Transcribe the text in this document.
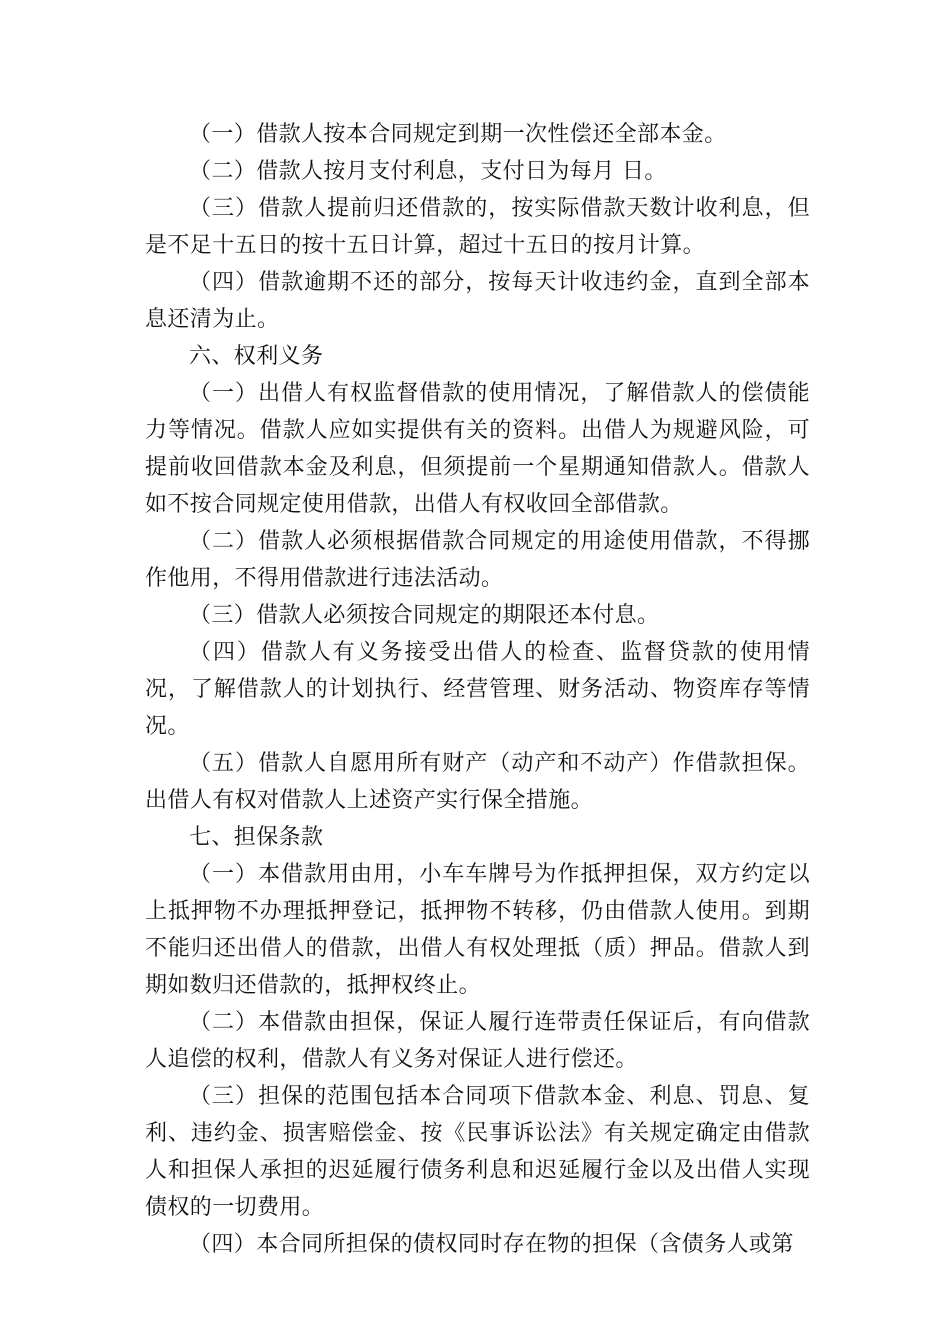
（一）借款人按本合同规定到期一次性偿还全部本金。

（二）借款人按月支付利息，支付日为每月 日。

（三）借款人提前归还借款的，按实际借款天数计收利息，但是不足十五日的按十五日计算，超过十五日的按月计算。

（四）借款逾期不还的部分，按每天计收违约金，直到全部本息还清为止。

六、权利义务

（一）出借人有权监督借款的使用情况，了解借款人的偿债能力等情况。借款人应如实提供有关的资料。出借人为规避风险，可提前收回借款本金及利息，但须提前一个星期通知借款人。借款人如不按合同规定使用借款，出借人有权收回全部借款。

（二）借款人必须根据借款合同规定的用途使用借款，不得挪作他用，不得用借款进行违法活动。

（三）借款人必须按合同规定的期限还本付息。

（四）借款人有义务接受出借人的检查、监督贷款的使用情况，了解借款人的计划执行、经营管理、财务活动、物资库存等情况。

（五）借款人自愿用所有财产（动产和不动产）作借款担保。出借人有权对借款人上述资产实行保全措施。

七、担保条款

（一）本借款用由用，小车车牌号为作抵押担保，双方约定以上抵押物不办理抵押登记，抵押物不转移，仍由借款人使用。到期不能归还出借人的借款，出借人有权处理抵（质）押品。借款人到期如数归还借款的，抵押权终止。

（二）本借款由担保，保证人履行连带责任保证后，有向借款人追偿的权利，借款人有义务对保证人进行偿还。

（三）担保的范围包括本合同项下借款本金、利息、罚息、复利、违约金、损害赔偿金、按《民事诉讼法》有关规定确定由借款人和担保人承担的迟延履行债务利息和迟延履行金以及出借人实现债权的一切费用。

（四）本合同所担保的债权同时存在物的担保（含债务人或第
